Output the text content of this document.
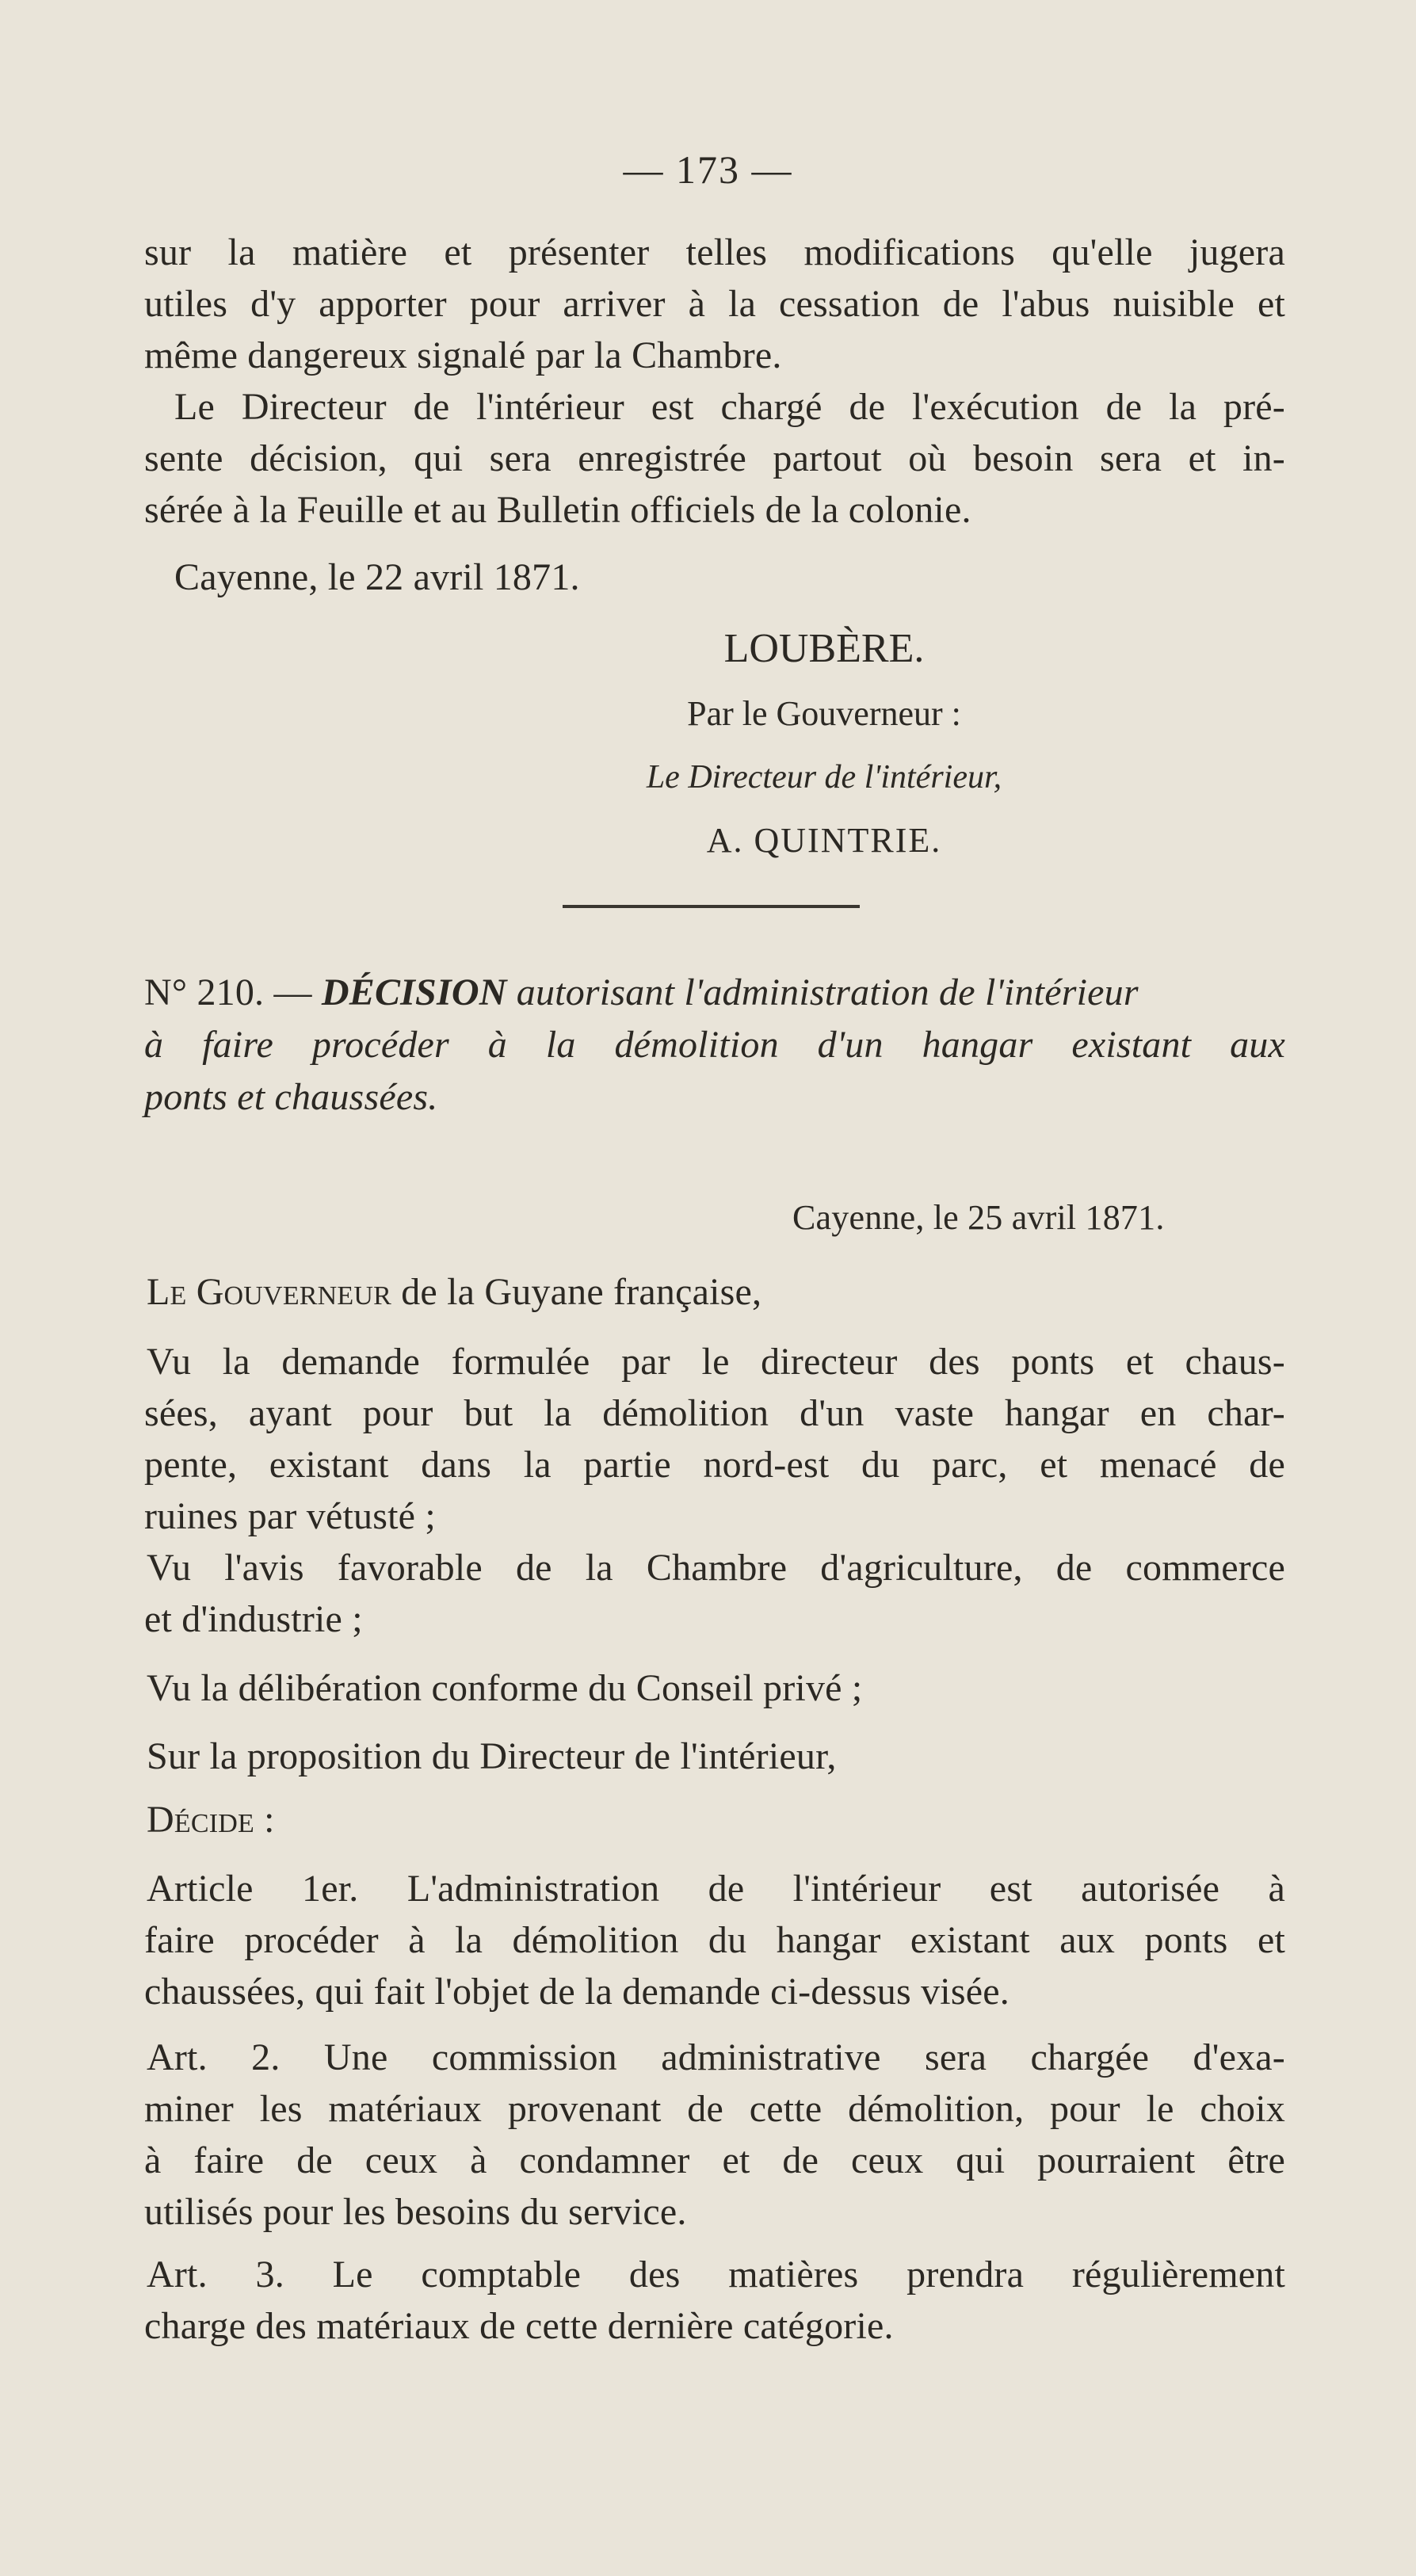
— 173 —
sur la matière et présenter telles modifications qu'elle jugera
utiles d'y apporter pour arriver à la cessation de l'abus nuisible et
même dangereux signalé par la Chambre.
Le Directeur de l'intérieur est chargé de l'exécution de la pré-
sente décision, qui sera enregistrée partout où besoin sera et in-
sérée à la Feuille et au Bulletin officiels de la colonie.
Cayenne, le 22 avril 1871.
LOUBÈRE.
Par le Gouverneur :
Le Directeur de l'intérieur,
A. QUINTRIE.
N° 210. — DÉCISION autorisant l'administration de l'intérieur
à faire procéder à la démolition d'un hangar existant aux
ponts et chaussées.
Cayenne, le 25 avril 1871.
Le Gouverneur de la Guyane française,
Vu la demande formulée par le directeur des ponts et chaus-
sées, ayant pour but la démolition d'un vaste hangar en char-
pente, existant dans la partie nord-est du parc, et menacé de
ruines par vétusté ;
Vu l'avis favorable de la Chambre d'agriculture, de commerce
et d'industrie ;
Vu la délibération conforme du Conseil privé ;
Sur la proposition du Directeur de l'intérieur,
Décide :
Article 1er. L'administration de l'intérieur est autorisée à
faire procéder à la démolition du hangar existant aux ponts et
chaussées, qui fait l'objet de la demande ci-dessus visée.
Art. 2. Une commission administrative sera chargée d'exa-
miner les matériaux provenant de cette démolition, pour le choix
à faire de ceux à condamner et de ceux qui pourraient être
utilisés pour les besoins du service.
Art. 3. Le comptable des matières prendra régulièrement
charge des matériaux de cette dernière catégorie.
